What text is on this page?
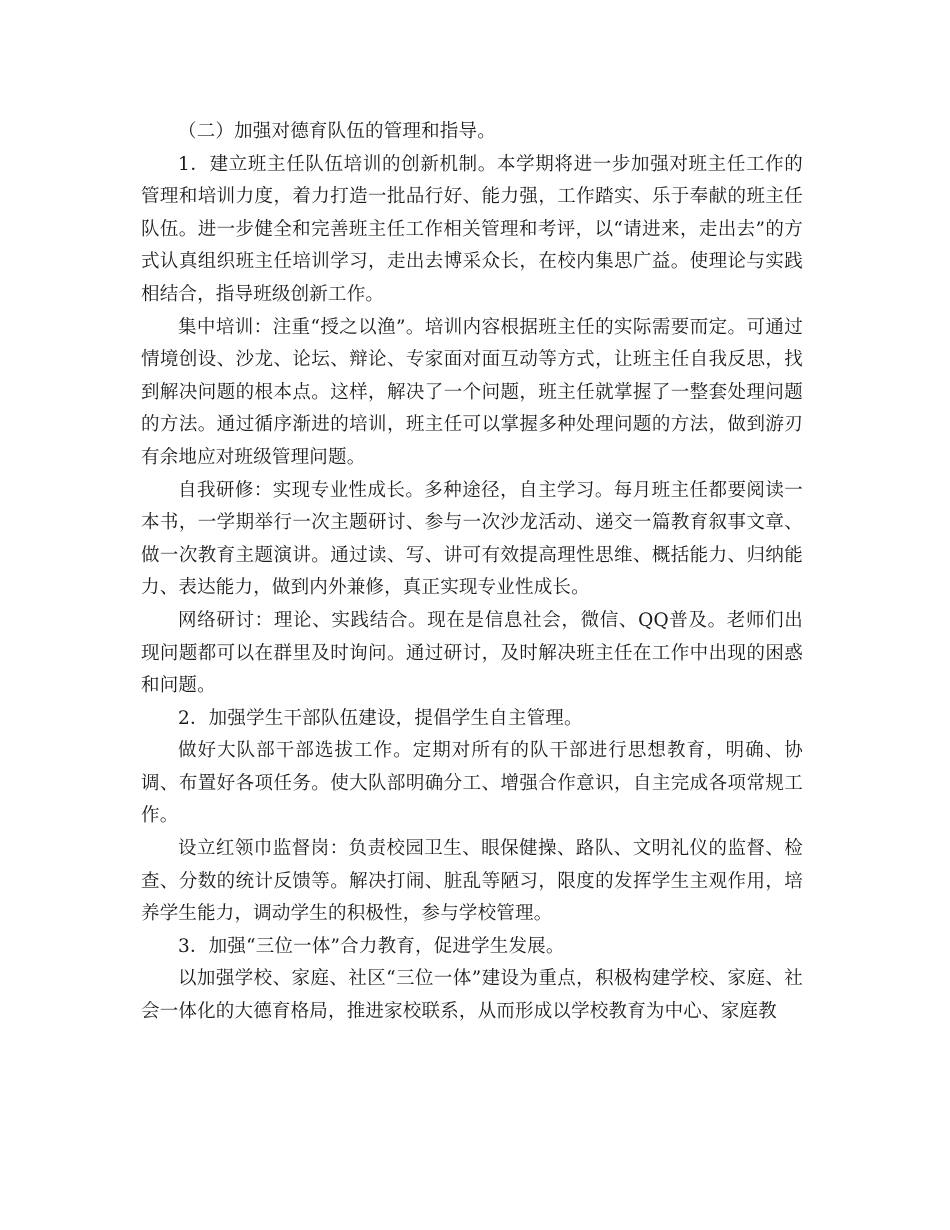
（二）加强对德育队伍的管理和指导。

1．建立班主任队伍培训的创新机制。本学期将进一步加强对班主任工作的管理和培训力度，着力打造一批品行好、能力强，工作踏实、乐于奉献的班主任队伍。进一步健全和完善班主任工作相关管理和考评，以“请进来，走出去”的方式认真组织班主任培训学习，走出去博采众长，在校内集思广益。使理论与实践相结合，指导班级创新工作。

集中培训：注重“授之以渔”。培训内容根据班主任的实际需要而定。可通过情境创设、沙龙、论坛、辩论、专家面对面互动等方式，让班主任自我反思，找到解决问题的根本点。这样，解决了一个问题，班主任就掌握了一整套处理问题的方法。通过循序渐进的培训，班主任可以掌握多种处理问题的方法，做到游刃有余地应对班级管理问题。

自我研修：实现专业性成长。多种途径，自主学习。每月班主任都要阅读一本书，一学期举行一次主题研讨、参与一次沙龙活动、递交一篇教育叙事文章、做一次教育主题演讲。通过读、写、讲可有效提高理性思维、概括能力、归纳能力、表达能力，做到内外兼修，真正实现专业性成长。

网络研讨：理论、实践结合。现在是信息社会，微信、QQ普及。老师们出现问题都可以在群里及时询问。通过研讨，及时解决班主任在工作中出现的困惑和问题。

2．加强学生干部队伍建设，提倡学生自主管理。

做好大队部干部选拔工作。定期对所有的队干部进行思想教育，明确、协调、布置好各项任务。使大队部明确分工、增强合作意识，自主完成各项常规工作。

设立红领巾监督岗：负责校园卫生、眼保健操、路队、文明礼仪的监督、检查、分数的统计反馈等。解决打闹、脏乱等陋习，限度的发挥学生主观作用，培养学生能力，调动学生的积极性，参与学校管理。

3．加强“三位一体”合力教育，促进学生发展。

以加强学校、家庭、社区“三位一体”建设为重点，积极构建学校、家庭、社会一体化的大德育格局，推进家校联系，从而形成以学校教育为中心、家庭教
